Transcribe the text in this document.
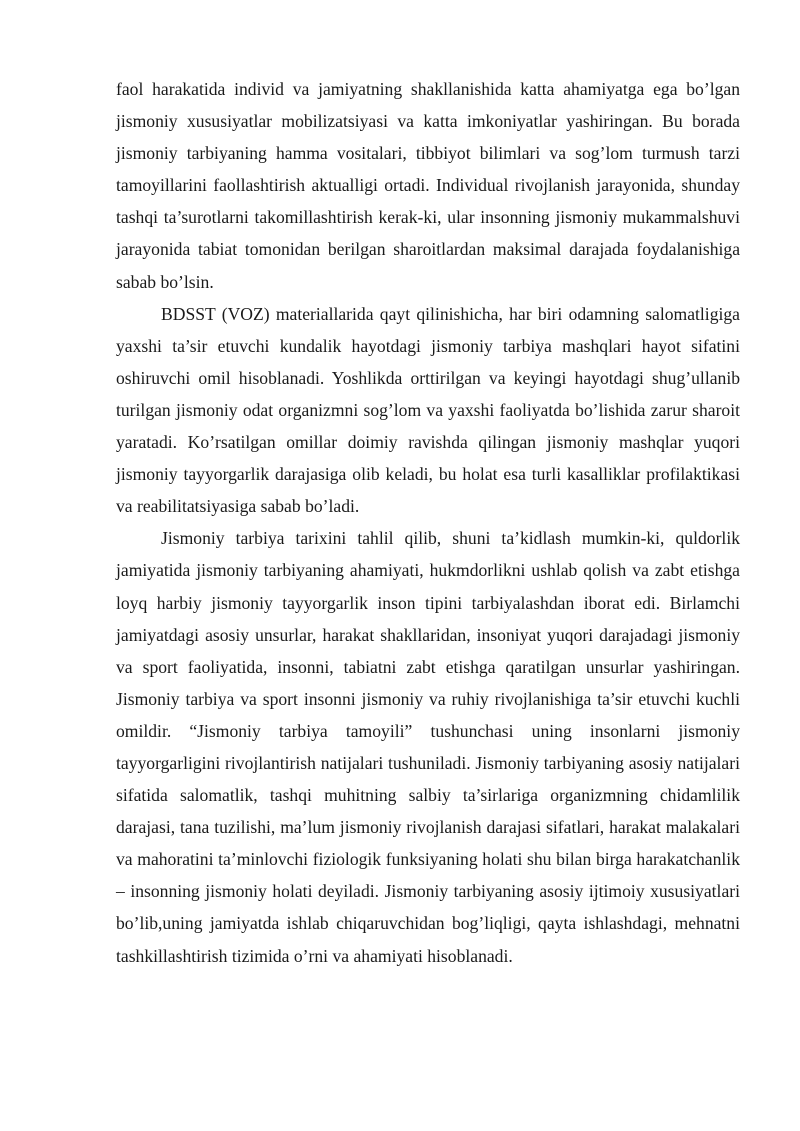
faol harakatida individ va jamiyatning shakllanishida katta ahamiyatga ega bo’lgan jismoniy xususiyatlar mobilizatsiyasi va katta imkoniyatlar yashiringan. Bu borada jismoniy tarbiyaning hamma vositalari, tibbiyot bilimlari va sog’lom turmush tarzi tamoyillarini faollashtirish aktualligi ortadi. Individual rivojlanish jarayonida, shunday tashqi ta’surotlarni takomillashtirish kerak-ki, ular insonning jismoniy mukammalshuvi jarayonida tabiat tomonidan berilgan sharoitlardan maksimal darajada foydalanishiga sabab bo’lsin.

BDSST (VOZ) materiallarida qayt qilinishicha, har biri odamning salomatligiga yaxshi ta’sir etuvchi kundalik hayotdagi jismoniy tarbiya mashqlari hayot sifatini oshiruvchi omil hisoblanadi. Yoshlikda orttirilgan va keyingi hayotdagi shug’ullanib turilgan jismoniy odat organizmni sog’lom va yaxshi faoliyatda bo’lishida zarur sharoit yaratadi. Ko’rsatilgan omillar doimiy ravishda qilingan jismoniy mashqlar yuqori jismoniy tayyorgarlik darajasiga olib keladi, bu holat esa turli kasalliklar profilaktikasi va reabilitatsiyasiga sabab bo’ladi.

Jismoniy tarbiya tarixini tahlil qilib, shuni ta’kidlash mumkin-ki, quldorlik jamiyatida jismoniy tarbiyaning ahamiyati, hukmdorlikni ushlab qolish va zabt etishga loyq harbiy jismoniy tayyorgarlik inson tipini tarbiyalashdan iborat edi. Birlamchi jamiyatdagi asosiy unsurlar, harakat shakllaridan, insoniyat yuqori darajadagi jismoniy va sport faoliyatida, insonni, tabiatni zabt etishga qaratilgan unsurlar yashiringan. Jismoniy tarbiya va sport insonni jismoniy va ruhiy rivojlanishiga ta’sir etuvchi kuchli omildir. “Jismoniy tarbiya tamoyili” tushunchasi uning insonlarni jismoniy tayyorgarligini rivojlantirish natijalari tushuniladi. Jismoniy tarbiyaning asosiy natijalari sifatida salomatlik, tashqi muhitning salbiy ta’sirlariga organizmning chidamlilik darajasi, tana tuzilishi, ma’lum jismoniy rivojlanish darajasi sifatlari, harakat malakalari va mahoratini ta’minlovchi fiziologik funksiyaning holati shu bilan birga harakatchanlik – insonning jismoniy holati deyiladi. Jismoniy tarbiyaning asosiy ijtimoiy xususiyatlari bo’lib,uning jamiyatda ishlab chiqaruvchidan bog’liqligi, qayta ishlashdagi, mehnatni tashkillashtirish tizimida o’rni va ahamiyati hisoblanadi.
